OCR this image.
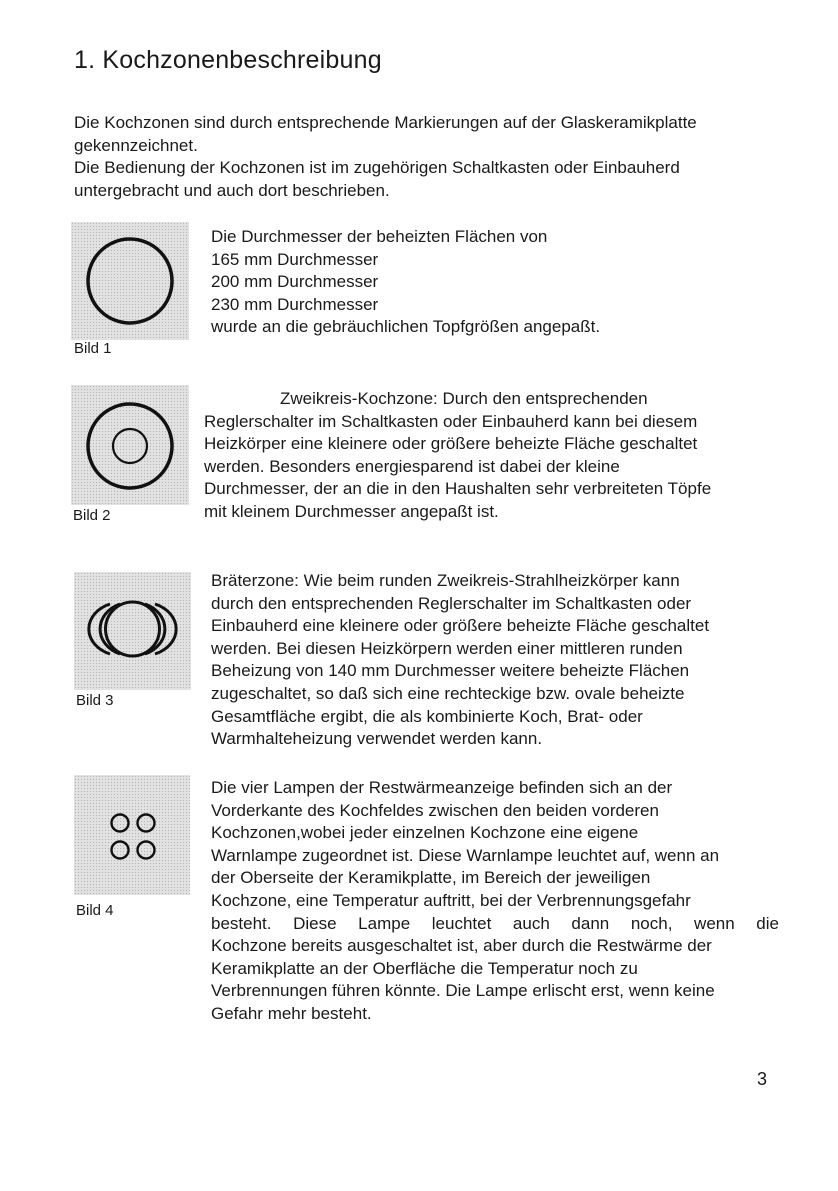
1. Kochzonenbeschreibung

Die Kochzonen sind durch entsprechende Markierungen auf der Glaskeramikplatte
gekennzeichnet.
Die Bedienung der Kochzonen ist im zugehörigen Schaltkasten oder Einbauherd
untergebracht und auch dort beschrieben.

Bild 1

Die Durchmesser der beheizten Flächen von
165 mm Durchmesser
200 mm Durchmesser
230 mm Durchmesser
wurde an die gebräuchlichen Topfgrößen angepaßt.

Bild 2

Zweikreis-Kochzone: Durch den entsprechenden
Reglerschalter im Schaltkasten oder Einbauherd kann bei diesem
Heizkörper eine kleinere oder größere beheizte Fläche geschaltet
werden. Besonders energiesparend ist dabei der kleine
Durchmesser, der an die in den Haushalten sehr verbreiteten Töpfe
mit kleinem Durchmesser angepaßt ist.

Bild 3

Bräterzone: Wie beim runden Zweikreis-Strahlheizkörper kann
durch den entsprechenden Reglerschalter im Schaltkasten oder
Einbauherd eine kleinere oder größere beheizte Fläche geschaltet
werden. Bei diesen Heizkörpern werden einer mittleren runden
Beheizung von 140 mm Durchmesser weitere beheizte Flächen
zugeschaltet, so daß sich eine rechteckige bzw. ovale beheizte
Gesamtfläche ergibt, die als kombinierte Koch, Brat- oder
Warmhalteheizung verwendet werden kann.

Bild 4

Die vier Lampen der Restwärmeanzeige befinden sich an der
Vorderkante des Kochfeldes zwischen den beiden vorderen
Kochzonen,wobei jeder einzelnen Kochzone eine eigene
Warnlampe zugeordnet ist. Diese Warnlampe leuchtet auf, wenn an
der Oberseite der Keramikplatte, im Bereich der jeweiligen
Kochzone, eine Temperatur auftritt, bei der Verbrennungsgefahr
besteht. Diese Lampe leuchtet auch dann noch, wenn die
Kochzone bereits ausgeschaltet ist, aber durch die Restwärme der
Keramikplatte an der Oberfläche die Temperatur noch zu
Verbrennungen führen könnte. Die Lampe erlischt erst, wenn keine
Gefahr mehr besteht.

3
